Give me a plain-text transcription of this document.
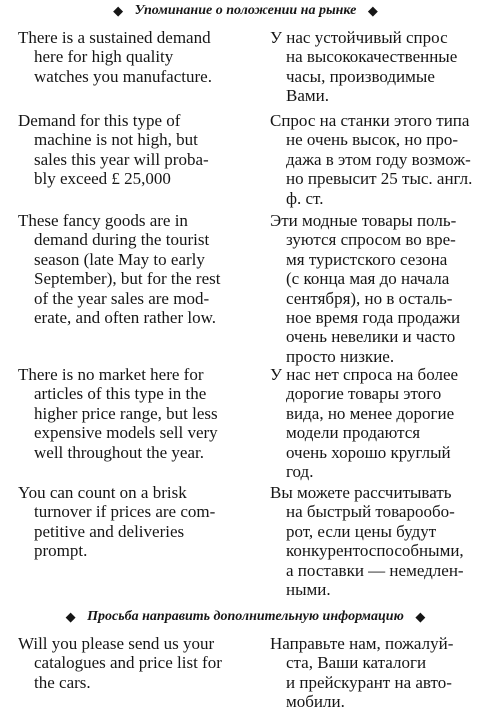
◆ Упоминание о положении на рынке ◆
There is a sustained demand
here for high quality
watches you manufacture.
У нас устойчивый спрос
на высококачественные
часы, производимые
Вами.
Demand for this type of
machine is not high, but
sales this year will proba-
bly exceed £ 25,000
Спрос на станки этого типа
не очень высок, но про-
дажа в этом году возмож-
но превысит 25 тыс. англ.
ф. ст.
These fancy goods are in
demand during the tourist
season (late May to early
September), but for the rest
of the year sales are mod-
erate, and often rather low.
Эти модные товары поль-
зуются спросом во вре-
мя туристского сезона
(с конца мая до начала
сентября), но в осталь-
ное время года продажи
очень невелики и часто
просто низкие.
There is no market here for
articles of this type in the
higher price range, but less
expensive models sell very
well throughout the year.
У нас нет спроса на более
дорогие товары этого
вида, но менее дорогие
модели продаются
очень хорошо круглый
год.
You can count on a brisk
turnover if prices are com-
petitive and deliveries
prompt.
Вы можете рассчитывать
на быстрый товарообо-
рот, если цены будут
конкурентоспособными,
а поставки — немедлен-
ными.
◆ Просьба направить дополнительную информацию ◆
Will you please send us your
catalogues and price list for
the cars.
Направьте нам, пожалуй-
ста, Ваши каталоги
и прейскурант на авто-
мобили.
